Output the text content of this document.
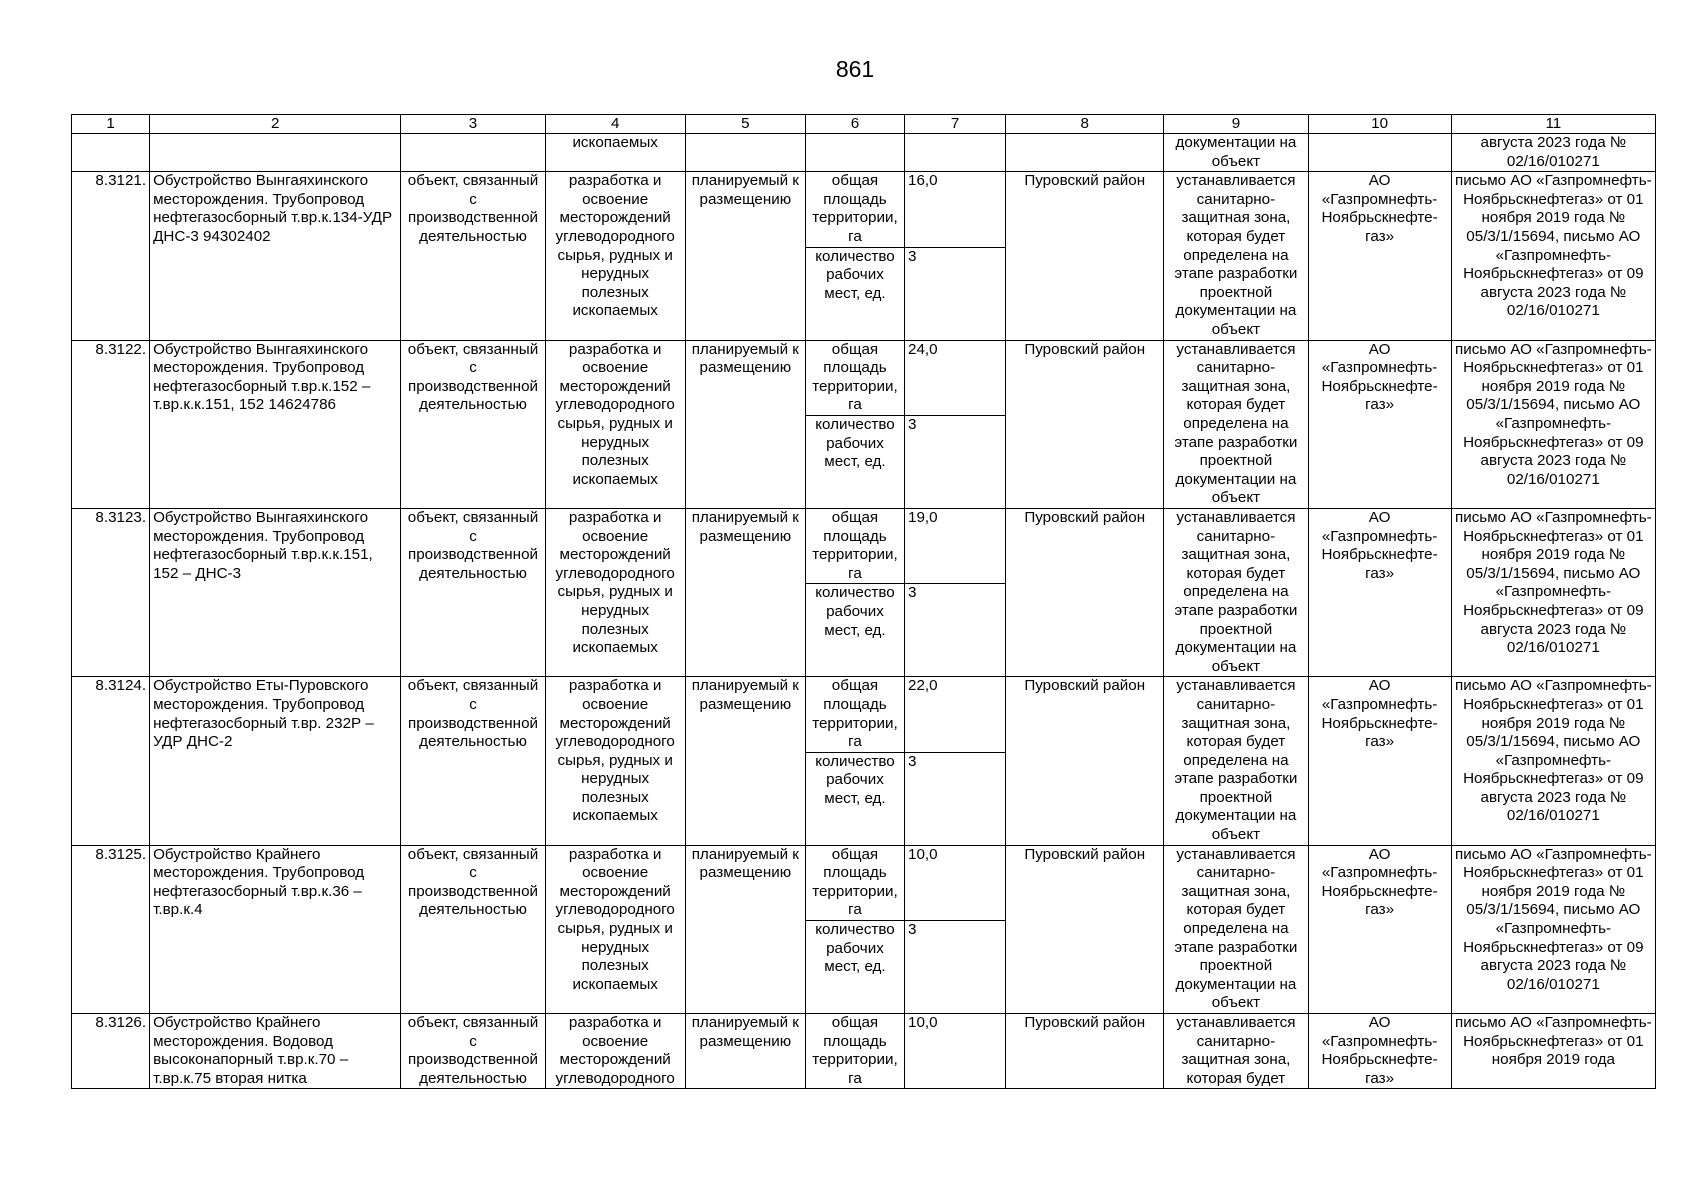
861
1	2	3	4	5	6	7	8	9	10	11
			ископаемых					документации на объект		августа 2023 года № 02/16/010271
8.3121.	Обустройство Вынгаяхинского месторождения. Трубопровод нефтегазосборный т.вр.к.134-УДР ДНС-3 94302402	объект, связанный с производственной деятельностью	разработка и освоение месторождений углеводородного сырья, рудных и нерудных полезных ископаемых	планируемый к размещению	общая площадь территории, га	16,0	Пуровский район	устанавливается санитарно-защитная зона, которая будет определена на этапе разработки проектной документации на объект	АО «Газпромнефть-Ноябрьскнефте-газ»	письмо АО «Газпромнефть-Ноябрьскнефтегаз» от 01 ноября 2019 года № 05/3/1/15694, письмо АО «Газпромнефть-Ноябрьскнефтегаз» от 09 августа 2023 года № 02/16/010271
					количество рабочих мест, ед.	3				
8.3122.	Обустройство Вынгаяхинского месторождения. Трубопровод нефтегазосборный т.вр.к.152 – т.вр.к.к.151, 152 14624786	объект, связанный с производственной деятельностью	разработка и освоение месторождений углеводородного сырья, рудных и нерудных полезных ископаемых	планируемый к размещению	общая площадь территории, га	24,0	Пуровский район	устанавливается санитарно-защитная зона, которая будет определена на этапе разработки проектной документации на объект	АО «Газпромнефть-Ноябрьскнефте-газ»	письмо АО «Газпромнефть-Ноябрьскнефтегаз» от 01 ноября 2019 года № 05/3/1/15694, письмо АО «Газпромнефть-Ноябрьскнефтегаз» от 09 августа 2023 года № 02/16/010271
					количество рабочих мест, ед.	3				
8.3123.	Обустройство Вынгаяхинского месторождения. Трубопровод нефтегазосборный т.вр.к.к.151, 152 – ДНС-3	объект, связанный с производственной деятельностью	разработка и освоение месторождений углеводородного сырья, рудных и нерудных полезных ископаемых	планируемый к размещению	общая площадь территории, га	19,0	Пуровский район	устанавливается санитарно-защитная зона, которая будет определена на этапе разработки проектной документации на объект	АО «Газпромнефть-Ноябрьскнефте-газ»	письмо АО «Газпромнефть-Ноябрьскнефтегаз» от 01 ноября 2019 года № 05/3/1/15694, письмо АО «Газпромнефть-Ноябрьскнефтегаз» от 09 августа 2023 года № 02/16/010271
					количество рабочих мест, ед.	3				
8.3124.	Обустройство Еты-Пуровского месторождения. Трубопровод нефтегазосборный т.вр. 232Р – УДР ДНС-2	объект, связанный с производственной деятельностью	разработка и освоение месторождений углеводородного сырья, рудных и нерудных полезных ископаемых	планируемый к размещению	общая площадь территории, га	22,0	Пуровский район	устанавливается санитарно-защитная зона, которая будет определена на этапе разработки проектной документации на объект	АО «Газпромнефть-Ноябрьскнефте-газ»	письмо АО «Газпромнефть-Ноябрьскнефтегаз» от 01 ноября 2019 года № 05/3/1/15694, письмо АО «Газпромнефть-Ноябрьскнефтегаз» от 09 августа 2023 года № 02/16/010271
					количество рабочих мест, ед.	3				
8.3125.	Обустройство Крайнего месторождения. Трубопровод нефтегазосборный т.вр.к.36 – т.вр.к.4	объект, связанный с производственной деятельностью	разработка и освоение месторождений углеводородного сырья, рудных и нерудных полезных ископаемых	планируемый к размещению	общая площадь территории, га	10,0	Пуровский район	устанавливается санитарно-защитная зона, которая будет определена на этапе разработки проектной документации на объект	АО «Газпромнефть-Ноябрьскнефте-газ»	письмо АО «Газпромнефть-Ноябрьскнефтегаз» от 01 ноября 2019 года № 05/3/1/15694, письмо АО «Газпромнефть-Ноябрьскнефтегаз» от 09 августа 2023 года № 02/16/010271
					количество рабочих мест, ед.	3				
8.3126.	Обустройство Крайнего месторождения. Водовод высоконапорный т.вр.к.70 – т.вр.к.75 вторая нитка	объект, связанный с производственной деятельностью	разработка и освоение месторождений углеводородного	планируемый к размещению	общая площадь территории, га	10,0	Пуровский район	устанавливается санитарно-защитная зона, которая будет	АО «Газпромнефть-Ноябрьскнефте-газ»	письмо АО «Газпромнефть-Ноябрьскнефтегаз» от 01 ноября 2019 года
